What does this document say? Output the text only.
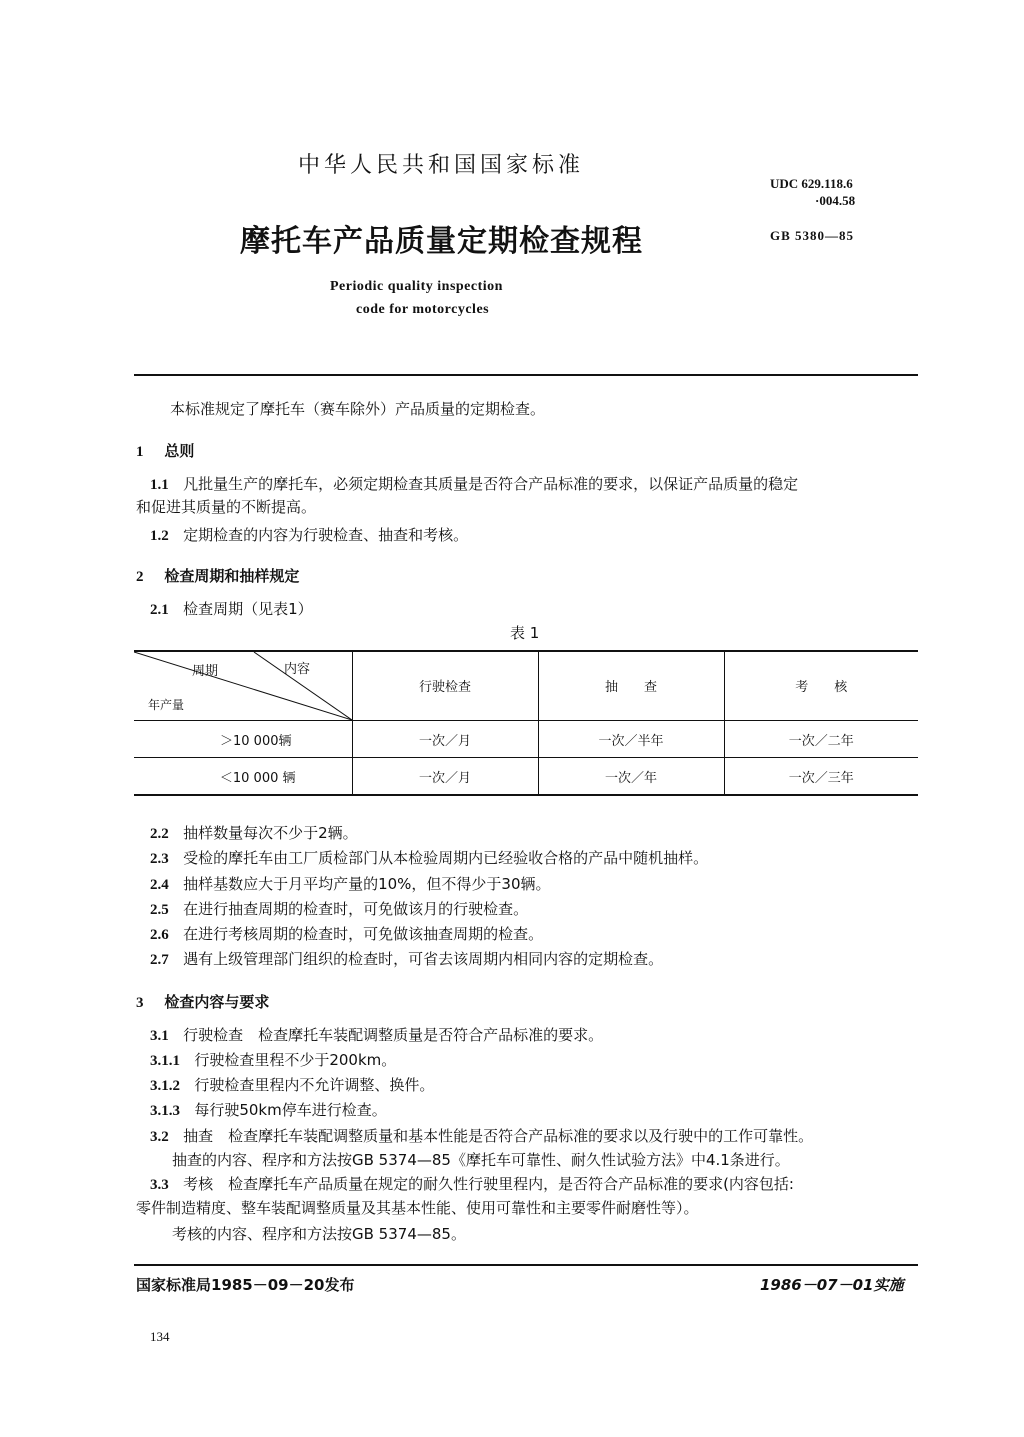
中华人民共和国国家标准
摩托车产品质量定期检查规程
Periodic quality inspection
code for motorcycles
UDC 629.118.6
·004.58
GB 5380—85
本标准规定了摩托车（赛车除外）产品质量的定期检查。
1 总则
1.1 凡批量生产的摩托车，必须定期检查其质量是否符合产品标准的要求，以保证产品质量的稳定
和促进其质量的不断提高。
1.2 定期检查的内容为行驶检查、抽查和考核。
2 检查周期和抽样规定
2.1 检查周期（见表1）
表 1
周期 内容
年产量	行驶检查	抽　　查	考　　核
＞10 000辆	一次／月	一次／半年	一次／二年
＜10 000 辆	一次／月	一次／年	一次／三年
2.2 抽样数量每次不少于2辆。
2.3 受检的摩托车由工厂质检部门从本检验周期内已经验收合格的产品中随机抽样。
2.4 抽样基数应大于月平均产量的10%，但不得少于30辆。
2.5 在进行抽查周期的检查时，可免做该月的行驶检查。
2.6 在进行考核周期的检查时，可免做该抽查周期的检查。
2.7 遇有上级管理部门组织的检查时，可省去该周期内相同内容的定期检查。
3 检查内容与要求
3.1 行驶检查　检查摩托车装配调整质量是否符合产品标准的要求。
3.1.1 行驶检查里程不少于200km。
3.1.2 行驶检查里程内不允许调整、换件。
3.1.3 每行驶50km停车进行检查。
3.2 抽查　检查摩托车装配调整质量和基本性能是否符合产品标准的要求以及行驶中的工作可靠性。
抽查的内容、程序和方法按GB 5374—85《摩托车可靠性、耐久性试验方法》中4.1条进行。
3.3 考核　检查摩托车产品质量在规定的耐久性行驶里程内，是否符合产品标准的要求(内容包括:
零件制造精度、整车装配调整质量及其基本性能、使用可靠性和主要零件耐磨性等）。
考核的内容、程序和方法按GB 5374—85。
国家标准局1985－09－20发布	1986－07－01实施
134
